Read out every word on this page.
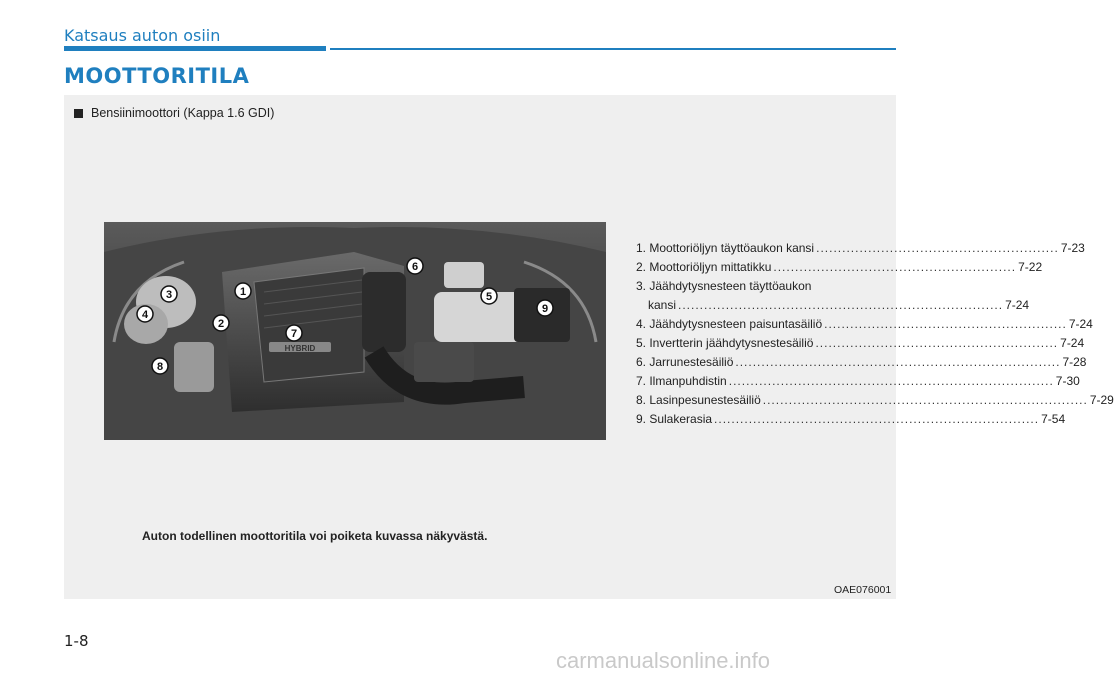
Katsaus auton osiin
MOOTTORITILA
Bensiinimoottori (Kappa 1.6 GDI)
HYBRID
1
2
3
4
5
6
7
8
9
1. Moottoriöljyn täyttöaukon kansi ........................................................ 7-23
2. Moottoriöljyn mittatikku ........................................................ 7-22
3. Jäähdytysnesteen täyttöaukon
kansi ........................................................................... 7-24
4. Jäähdytysnesteen paisuntasäiliö ........................................................ 7-24
5. Invertterin jäähdytysnestesäiliö ........................................................ 7-24
6. Jarrunestesäiliö ........................................................................... 7-28
7. Ilmanpuhdistin ........................................................................... 7-30
8. Lasinpesunestesäiliö ........................................................................... 7-29
9. Sulakerasia ........................................................................... 7-54
Auton todellinen moottoritila voi poiketa kuvassa näkyvästä.
OAE076001
1-8
carmanualsonline.info
